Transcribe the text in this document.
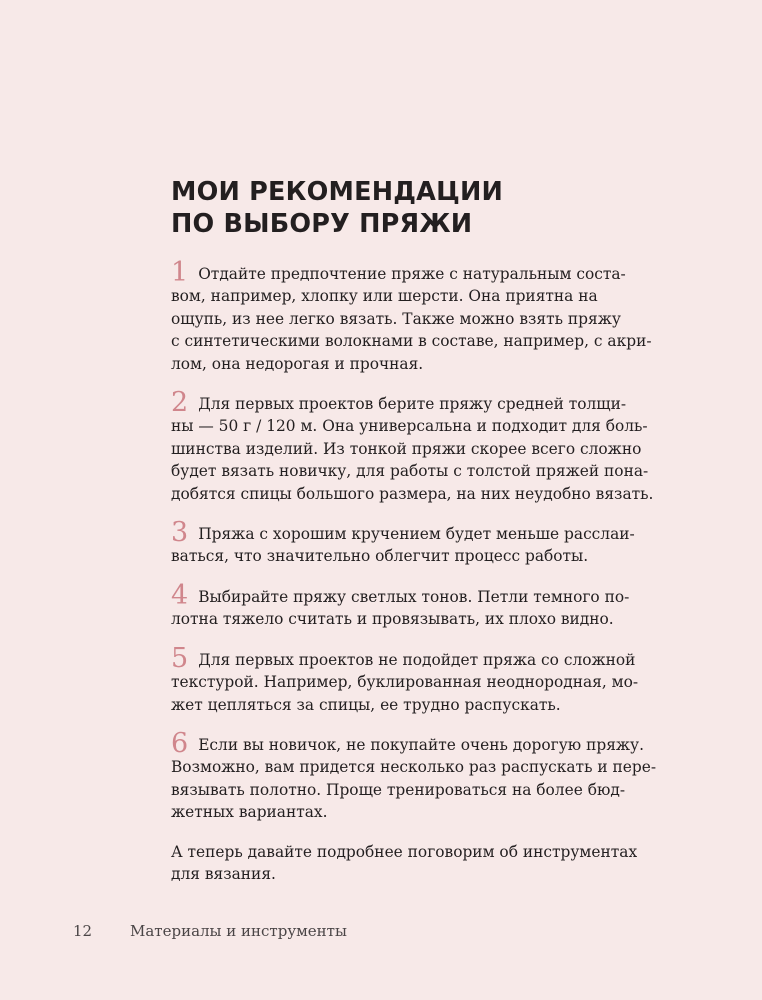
МОИ РЕКОМЕНДАЦИИ
ПО ВЫБОРУ ПРЯЖИ
1 Отдайте предпочтение пряже с натуральным соста-
вом, например, хлопку или шерсти. Она приятна на
ощупь, из нее легко вязать. Также можно взять пряжу
с синтетическими волокнами в составе, например, с акри-
лом, она недорогая и прочная.
2 Для первых проектов берите пряжу средней толщи-
ны — 50 г / 120 м. Она универсальна и подходит для боль-
шинства изделий. Из тонкой пряжи скорее всего сложно
будет вязать новичку, для работы с толстой пряжей пона-
добятся спицы большого размера, на них неудобно вязать.
3 Пряжа с хорошим кручением будет меньше расслаи-
ваться, что значительно облегчит процесс работы.
4 Выбирайте пряжу светлых тонов. Петли темного по-
лотна тяжело считать и провязывать, их плохо видно.
5 Для первых проектов не подойдет пряжа со сложной
текстурой. Например, буклированная неоднородная, мо-
жет цепляться за спицы, ее трудно распускать.
6 Если вы новичок, не покупайте очень дорогую пряжу.
Возможно, вам придется несколько раз распускать и пере-
вязывать полотно. Проще тренироваться на более бюд-
жетных вариантах.

А теперь давайте подробнее поговорим об инструментах
для вязания.

12	Материалы и инструменты
